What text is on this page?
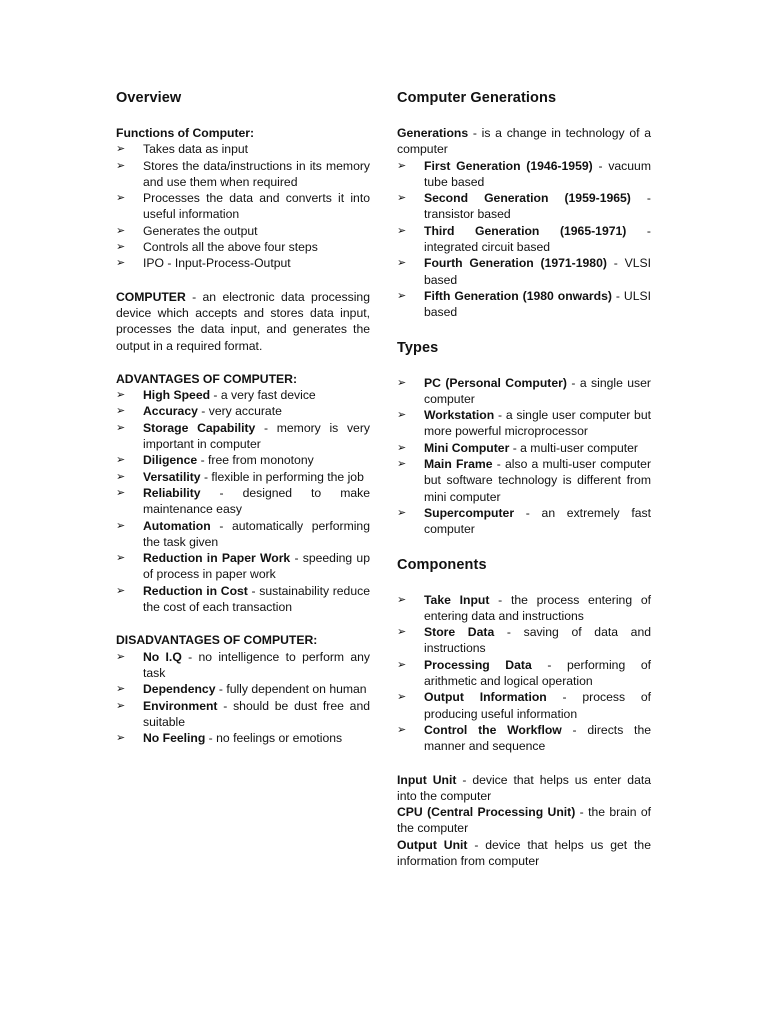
Overview
Functions of Computer:
➢ Takes data as input
➢ Stores the data/instructions in its memory and use them when required
➢ Processes the data and converts it into useful information
➢ Generates the output
➢ Controls all the above four steps
➢ IPO - Input-Process-Output

COMPUTER - an electronic data processing device which accepts and stores data input, processes the data input, and generates the output in a required format.

ADVANTAGES OF COMPUTER:
➢ High Speed - a very fast device
➢ Accuracy - very accurate
➢ Storage Capability - memory is very important in computer
➢ Diligence - free from monotony
➢ Versatility - flexible in performing the job
➢ Reliability - designed to make maintenance easy
➢ Automation - automatically performing the task given
➢ Reduction in Paper Work - speeding up of process in paper work
➢ Reduction in Cost - sustainability reduce the cost of each transaction
DISADVANTAGES OF COMPUTER:
➢ No I.Q - no intelligence to perform any task
➢ Dependency - fully dependent on human
➢ Environment - should be dust free and suitable
➢ No Feeling - no feelings or emotions
Computer Generations

Generations - is a change in technology of a computer

➢ First Generation (1946-1959) - vacuum tube based
➢ Second Generation (1959-1965) - transistor based
➢ Third Generation (1965-1971) - integrated circuit based
➢ Fourth Generation (1971-1980) - VLSI based
➢ Fifth Generation (1980 onwards) - ULSI based
Types
➢ PC (Personal Computer) - a single user computer
➢ Workstation - a single user computer but more powerful microprocessor
➢ Mini Computer - a multi-user computer
➢ Main Frame - also a multi-user computer but software technology is different from mini computer
➢ Supercomputer - an extremely fast computer
Components
➢ Take Input - the process entering of entering data and instructions
➢ Store Data - saving of data and instructions
➢ Processing Data - performing of arithmetic and logical operation
➢ Output Information - process of producing useful information
➢ Control the Workflow - directs the manner and sequence

Input Unit - device that helps us enter data into the computer

CPU (Central Processing Unit) - the brain of the computer

Output Unit - device that helps us get the information from computer
